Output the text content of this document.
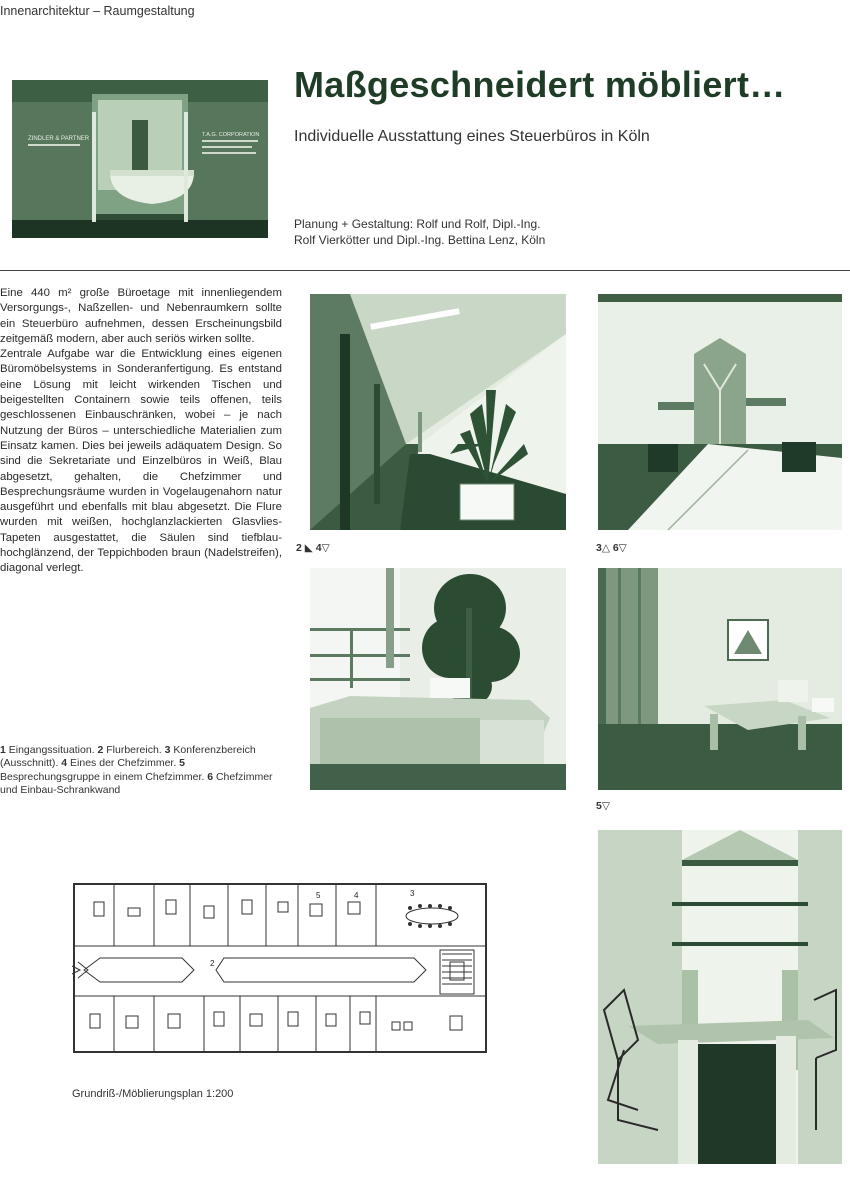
Innenarchitektur – Raumgestaltung
ZINDLER & PARTNER
T.A.G. CORPORATION
Maßgeschneidert möbliert…
Individuelle Ausstattung eines Steuerbüros in Köln
Planung + Gestaltung: Rolf und Rolf, Dipl.-Ing.
Rolf Vierkötter und Dipl.-Ing. Bettina Lenz, Köln

Eine 440 m² große Büroetage mit innenliegendem Versorgungs-, Naßzellen- und Nebenraumkern sollte ein Steuerbüro aufnehmen, dessen Erscheinungsbild zeitgemäß modern, aber auch seriös wirken sollte.

Zentrale Aufgabe war die Entwicklung eines eigenen Büromöbelsystems in Sonderanfertigung. Es entstand eine Lösung mit leicht wirkenden Tischen und beigestellten Containern sowie teils offenen, teils geschlossenen Einbauschränken, wobei – je nach Nutzung der Büros – unterschiedliche Materialien zum Einsatz kamen. Dies bei jeweils adäquatem Design. So sind die Sekretariate und Einzelbüros in Weiß, Blau abgesetzt, gehalten, die Chefzimmer und Besprechungsräume wurden in Vogelaugenahorn natur ausgeführt und ebenfalls mit blau abgesetzt. Die Flure wurden mit weißen, hochglanzlackierten Glasvlies-Tapeten ausgestattet, die Säulen sind tiefblau-hochglänzend, der Teppichboden braun (Nadelstreifen), diagonal verlegt.

1 Eingangssituation. 2 Flurbereich. 3 Konferenzbereich (Ausschnitt). 4 Eines der Chefzimmer. 5 Besprechungsgruppe in einem Chefzimmer. 6 Chefzimmer und Einbau-Schrankwand
2 ◣ 4▽	3△ 6▽
5▽
5	4	3
2
Grundriß-/Möblierungsplan 1:200
